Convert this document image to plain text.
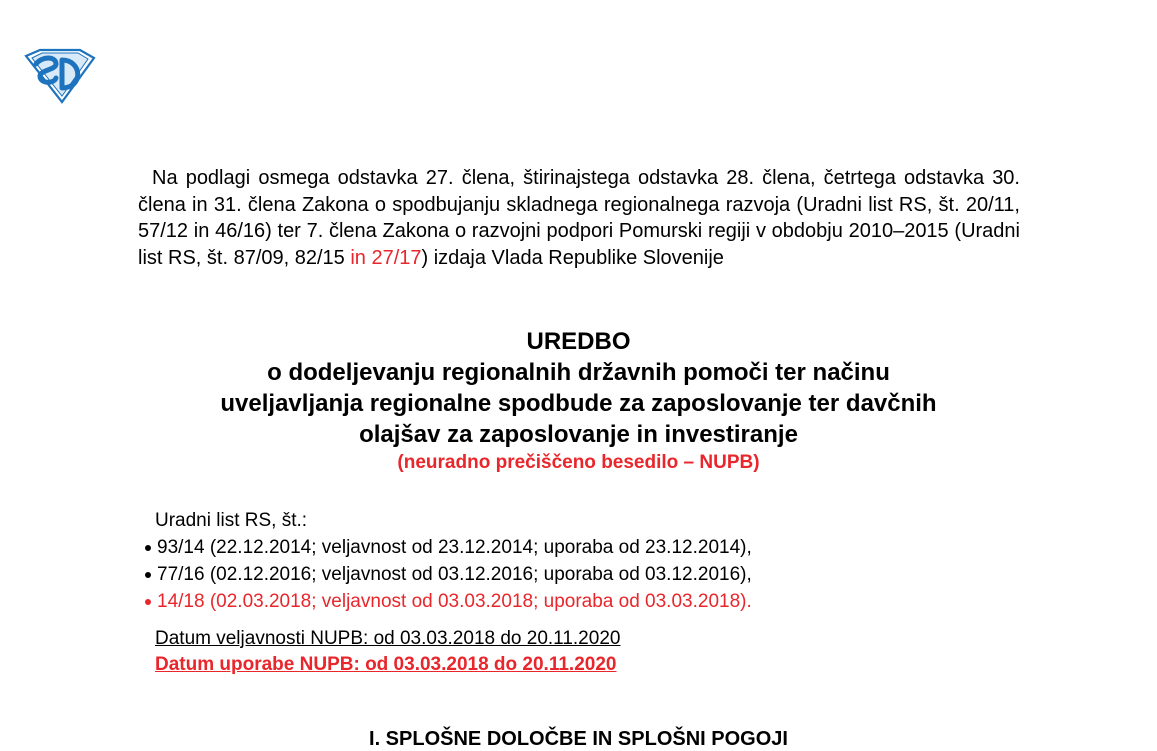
Na podlagi osmega odstavka 27. člena, štirinajstega odstavka 28. člena, četrtega odstavka 30. člena in 31. člena Zakona o spodbujanju skladnega regionalnega razvoja (Uradni list RS, št. 20/11, 57/12 in 46/16) ter 7. člena Zakona o razvojni podpori Pomurski regiji v obdobju 2010–2015 (Uradni list RS, št. 87/09, 82/15 in 27/17) izdaja Vlada Republike Slovenije
UREDBO
o dodeljevanju regionalnih državnih pomoči ter načinu
uveljavljanja regionalne spodbude za zaposlovanje ter davčnih
olajšav za zaposlovanje in investiranje
(neuradno prečiščeno besedilo – NUPB)
Uradni list RS, št.:
93/14 (22.12.2014; veljavnost od 23.12.2014; uporaba od 23.12.2014),
77/16 (02.12.2016; veljavnost od 03.12.2016; uporaba od 03.12.2016),
14/18 (02.03.2018; veljavnost od 03.03.2018; uporaba od 03.03.2018).
Datum veljavnosti NUPB: od 03.03.2018 do 20.11.2020
Datum uporabe NUPB: od 03.03.2018 do 20.11.2020
I. SPLOŠNE DOLOČBE IN SPLOŠNI POGOJI
